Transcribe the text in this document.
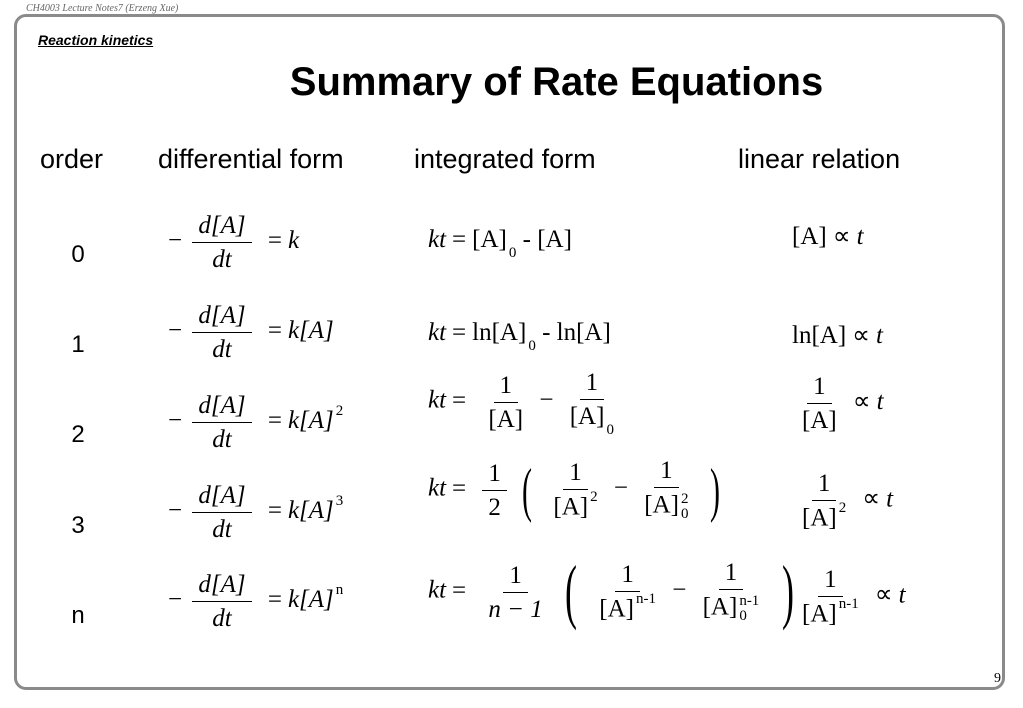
CH4003 Lecture Notes7 (Erzeng Xue)
Reaction kinetics
Summary of Rate Equations
order differential form	integrated form	linear relation
0
1
2
3
n
− $\frac{d[A]}{dt} = k$
− $\frac{d[A]}{dt} = k[A]$
− $\frac{d[A]}{dt} = k[A]$ $^2$
− $\frac{d[A]}{dt} = k[A]$ $^3$
− $\frac{d[A]}{dt} = k[A]$ $^n$
kt = [A] $_0$ - [A]
kt = ln[A] $_0$ - ln[A]
kt = $\frac{1}{[A]} - \frac{1}{[A] _0}$
kt = $\frac{1}{2}$ ( $\frac{1}{[A] ^2} - 1$
[A] 2
0 )
kt = $\frac{1}{n - 1}$ ( $\frac{1}{[A] ^{n-1}} - 1$
[A] n-1
0 )
[A] ∝ t
ln[A] ∝ t
$\frac{1}{[A]} \propto t$
$\frac{1}{[A] ^2} \propto t$
$\frac{1}{[A] ^{n-1}} \propto t$
9
